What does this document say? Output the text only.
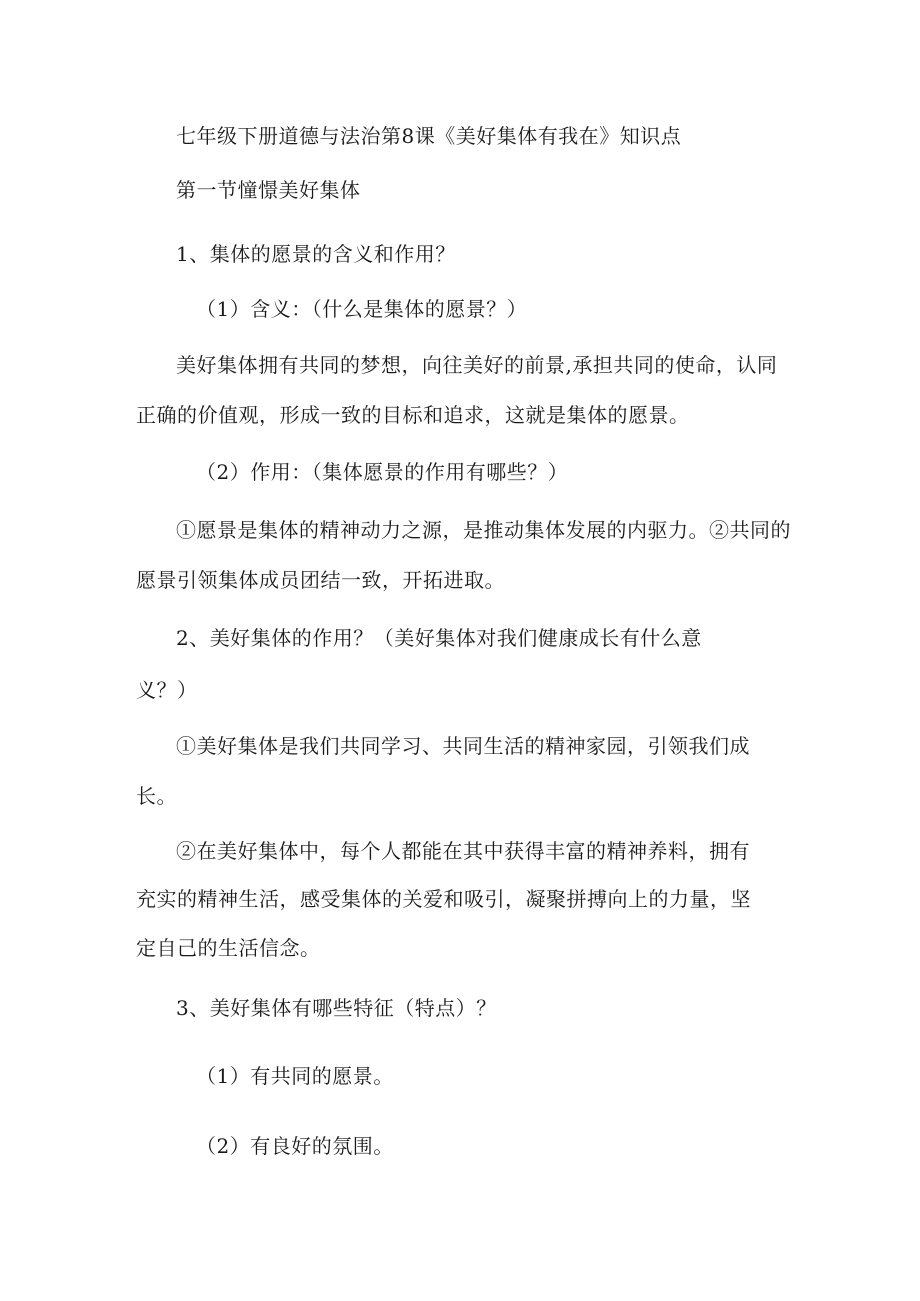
七年级下册道德与法治第8课《美好集体有我在》知识点
第一节憧憬美好集体
1、集体的愿景的含义和作用？
（1）含义：（什么是集体的愿景？）
美好集体拥有共同的梦想，向往美好的前景,承担共同的使命，认同
正确的价值观，形成一致的目标和追求，这就是集体的愿景。
（2）作用：（集体愿景的作用有哪些？）
①愿景是集体的精神动力之源，是推动集体发展的内驱力。②共同的
愿景引领集体成员团结一致，开拓进取。
2、美好集体的作用？（美好集体对我们健康成长有什么意
义？）
①美好集体是我们共同学习、共同生活的精神家园，引领我们成
长。
②在美好集体中，每个人都能在其中获得丰富的精神养料，拥有
充实的精神生活，感受集体的关爱和吸引，凝聚拼搏向上的力量，坚
定自己的生活信念。
3、美好集体有哪些特征（特点）？
（1）有共同的愿景。
（2）有良好的氛围。
